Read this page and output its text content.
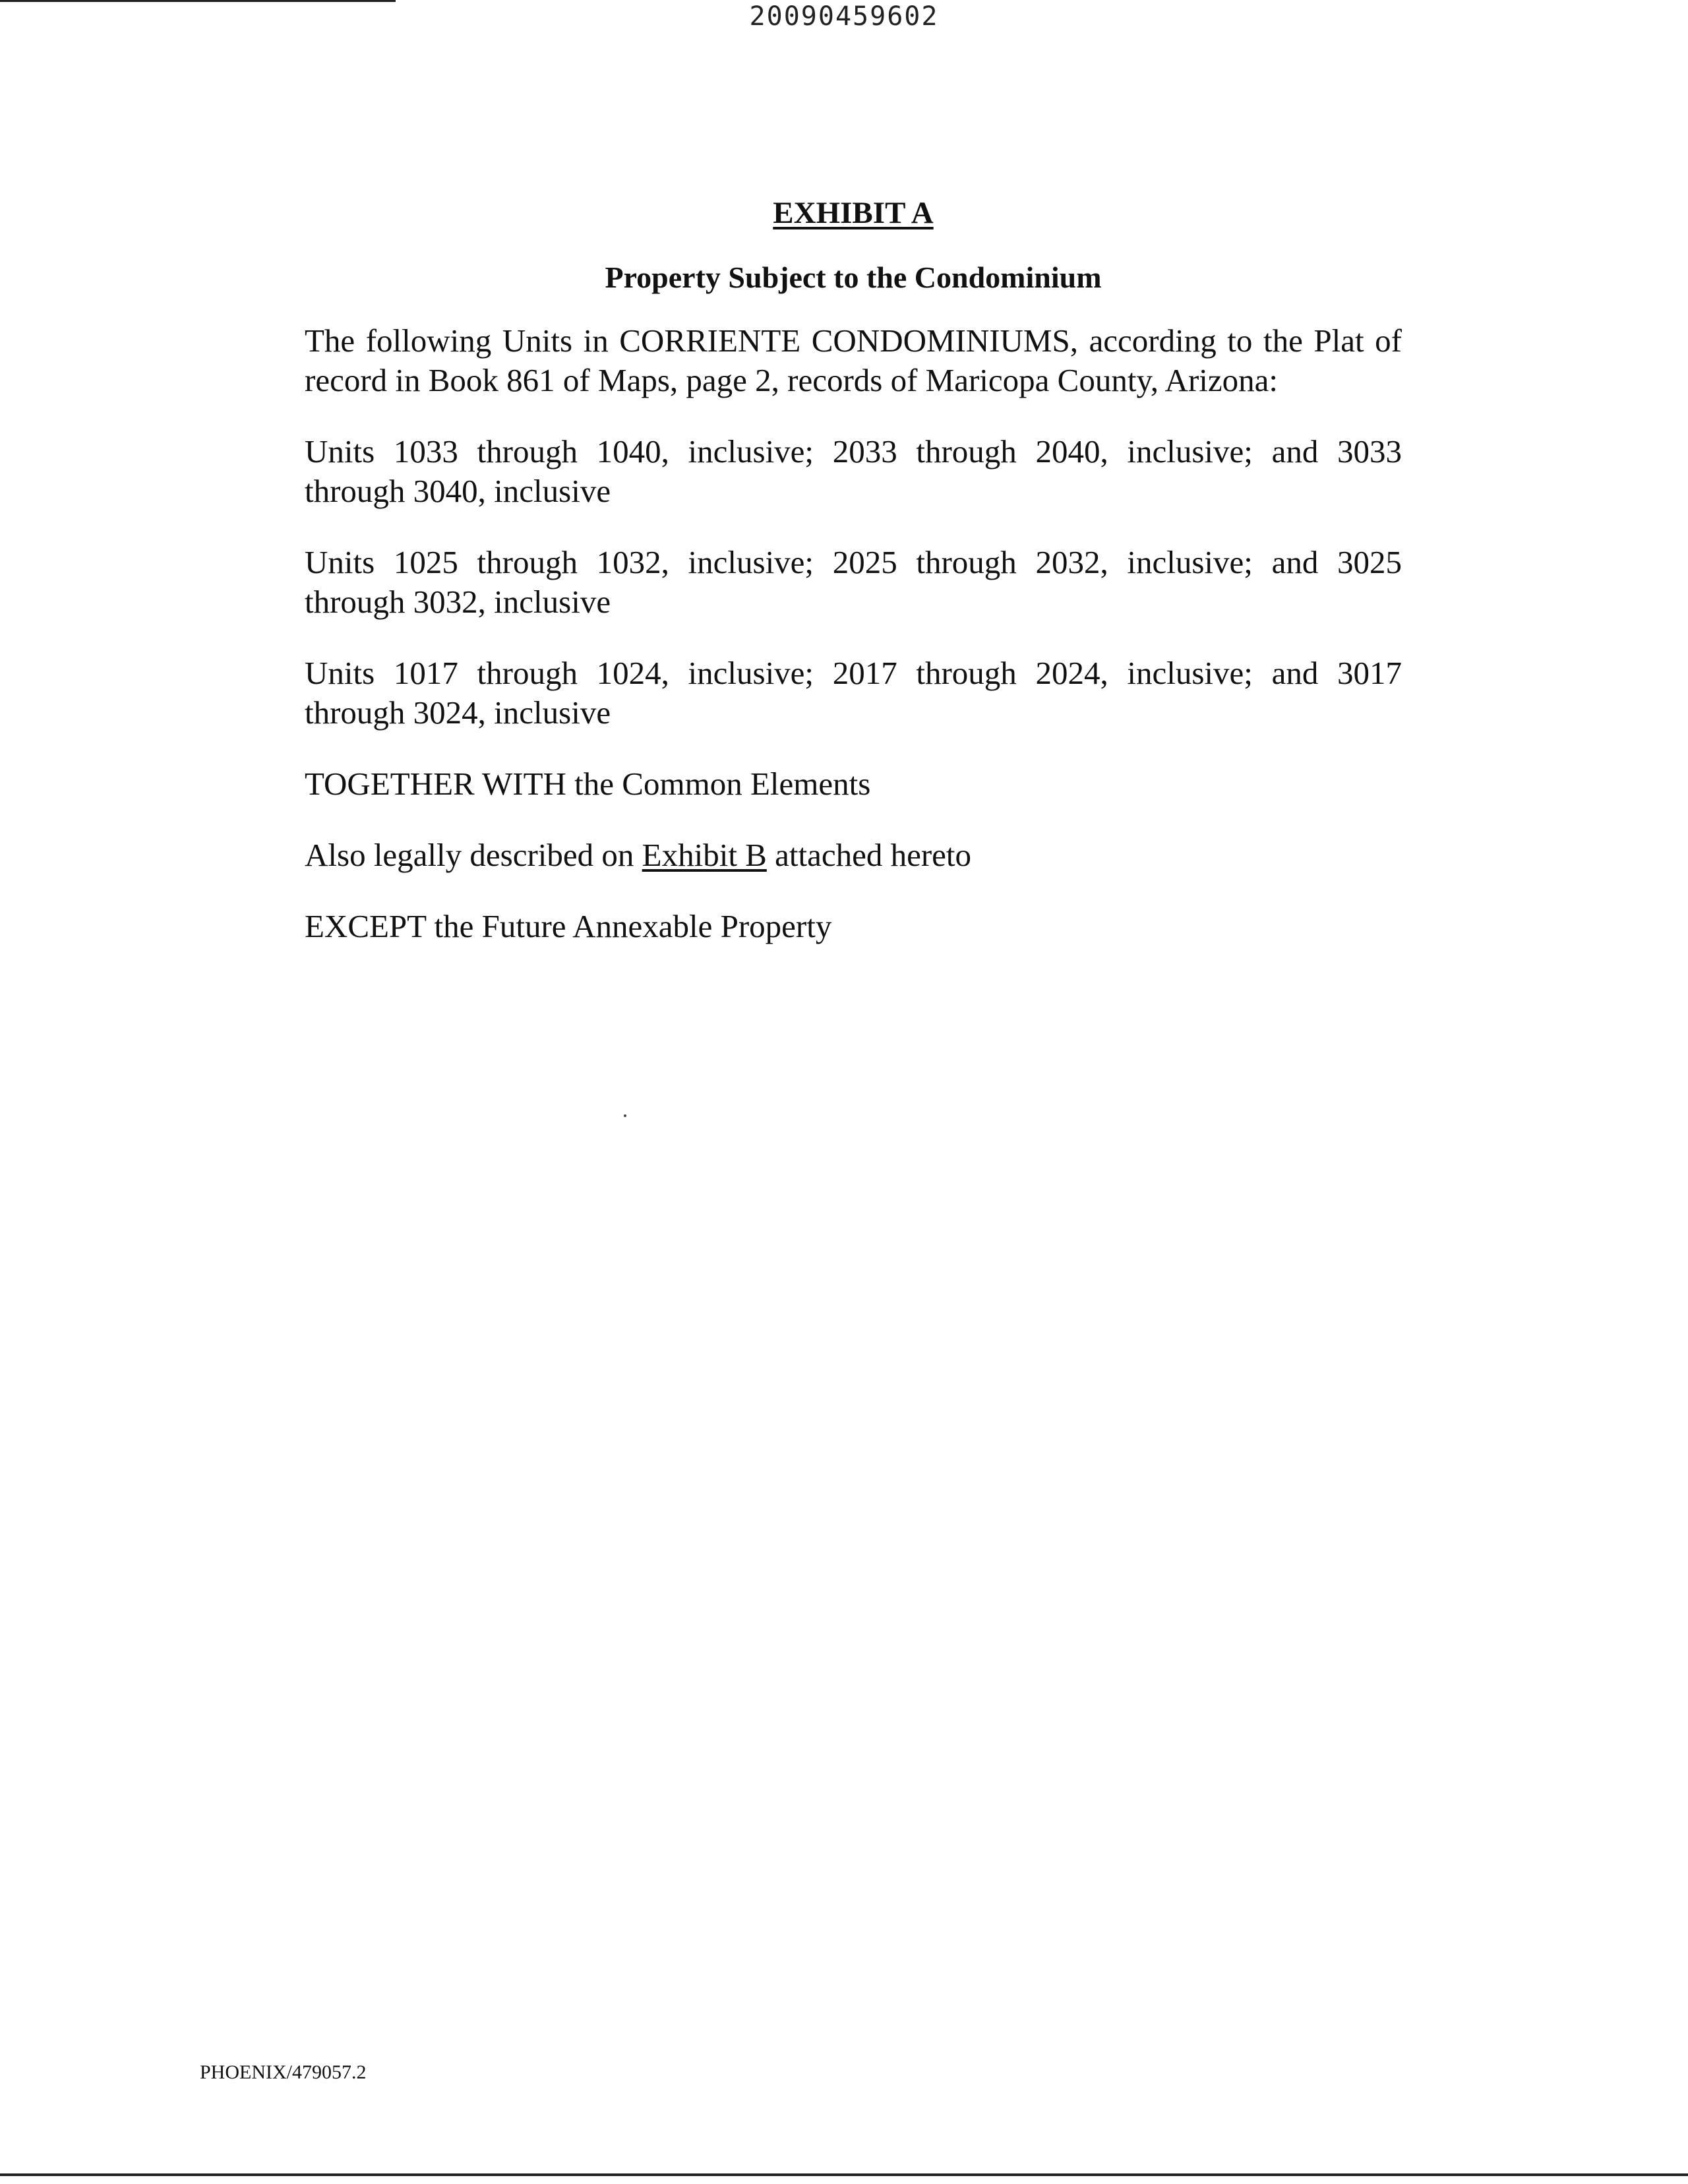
20090459602
EXHIBIT A
Property Subject to the Condominium

The following Units in CORRIENTE CONDOMINIUMS, according to the Plat of record in Book 861 of Maps, page 2, records of Maricopa County, Arizona:

Units 1033 through 1040, inclusive; 2033 through 2040, inclusive; and 3033 through 3040, inclusive

Units 1025 through 1032, inclusive; 2025 through 2032, inclusive; and 3025 through 3032, inclusive

Units 1017 through 1024, inclusive; 2017 through 2024, inclusive; and 3017 through 3024, inclusive

TOGETHER WITH the Common Elements

Also legally described on Exhibit B attached hereto

EXCEPT the Future Annexable Property

PHOENIX/479057.2
